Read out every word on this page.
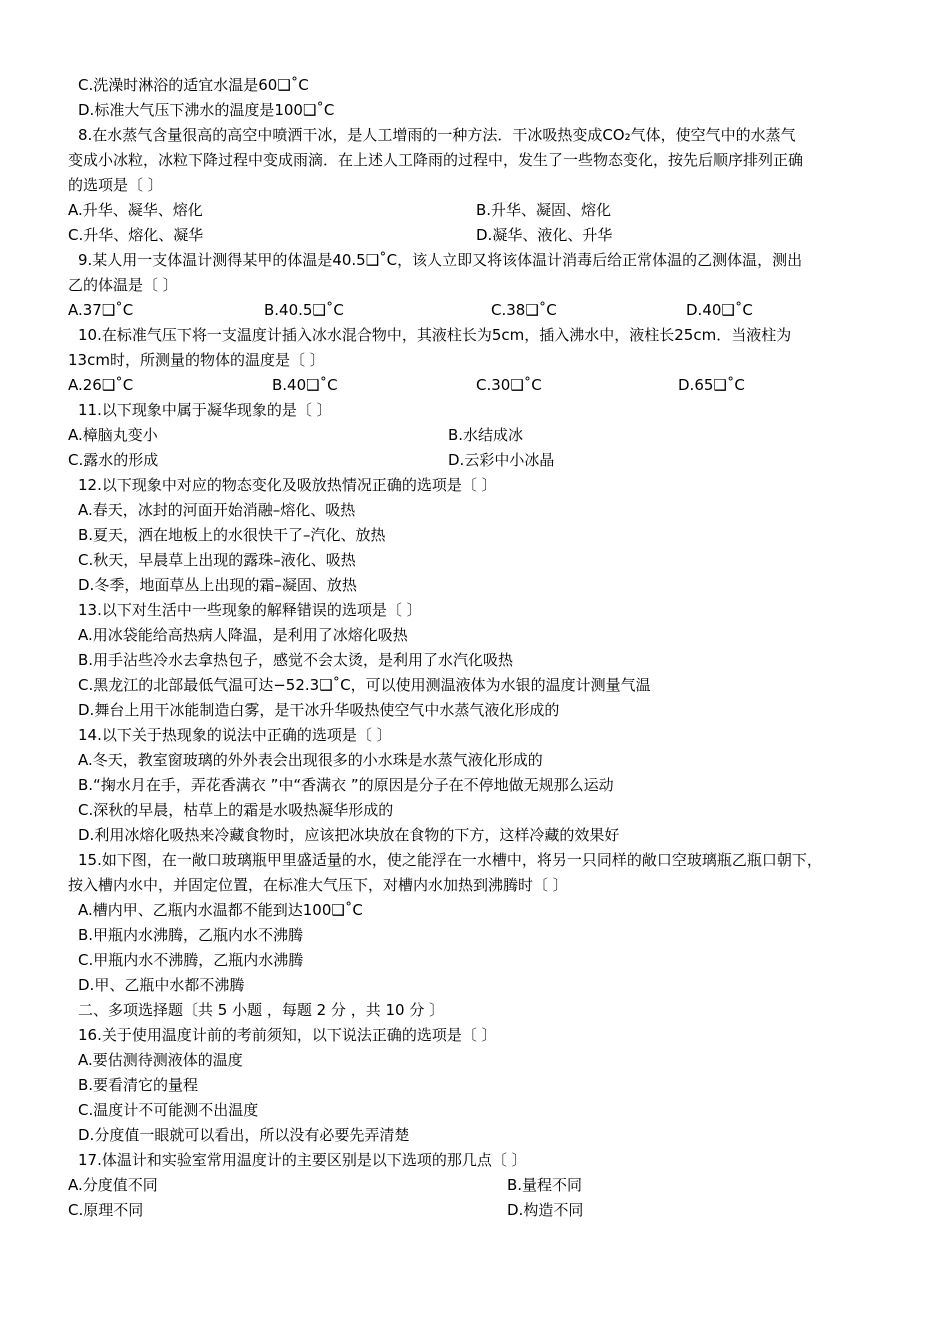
C.洗澡时淋浴的适宜水温是60❑˚C
D.标准大气压下沸水的温度是100❑˚C
8.在水蒸气含量很高的高空中喷洒干冰，是人工增雨的一种方法．干冰吸热变成CO₂气体，使空气中的水蒸气
变成小冰粒，冰粒下降过程中变成雨滴．在上述人工降雨的过程中，发生了一些物态变化，按先后顺序排列正确
的选项是〔 〕
A.升华、凝华、熔化	B.升华、凝固、熔化
C.升华、熔化、凝华	D.凝华、液化、升华
9.某人用一支体温计测得某甲的体温是40.5❑˚C，该人立即又将该体温计消毒后给正常体温的乙测体温，测出
乙的体温是〔 〕
A.37❑˚C	B.40.5❑˚C	C.38❑˚C	D.40❑˚C
10.在标准气压下将一支温度计插入冰水混合物中，其液柱长为5cm，插入沸水中，液柱长25cm．当液柱为
13cm时，所测量的物体的温度是〔 〕
A.26❑˚C	B.40❑˚C	C.30❑˚C	D.65❑˚C
11.以下现象中属于凝华现象的是〔 〕
A.樟脑丸变小	B.水结成冰
C.露水的形成	D.云彩中小冰晶
12.以下现象中对应的物态变化及吸放热情况正确的选项是〔 〕
A.春天，冰封的河面开始消融–熔化、吸热
B.夏天，洒在地板上的水很快干了–汽化、放热
C.秋天，早晨草上出现的露珠–液化、吸热
D.冬季，地面草丛上出现的霜–凝固、放热
13.以下对生活中一些现象的解释错误的选项是〔 〕
A.用冰袋能给高热病人降温，是利用了冰熔化吸热
B.用手沾些冷水去拿热包子，感觉不会太烫，是利用了水汽化吸热
C.黑龙江的北部最低气温可达−52.3❑˚C，可以使用测温液体为水银的温度计测量气温
D.舞台上用干冰能制造白雾，是干冰升华吸热使空气中水蒸气液化形成的
14.以下关于热现象的说法中正确的选项是〔 〕
A.冬天，教室窗玻璃的外外表会出现很多的小水珠是水蒸气液化形成的
B.“掬水月在手，弄花香满衣 ”中“香满衣 ”的原因是分子在不停地做无规那么运动
C.深秋的早晨，枯草上的霜是水吸热凝华形成的
D.利用冰熔化吸热来冷藏食物时，应该把冰块放在食物的下方，这样冷藏的效果好
15.如下图，在一敞口玻璃瓶甲里盛适量的水，使之能浮在一水槽中，将另一只同样的敞口空玻璃瓶乙瓶口朝下，
按入槽内水中，并固定位置，在标准大气压下，对槽内水加热到沸腾时〔 〕
A.槽内甲、乙瓶内水温都不能到达100❑˚C
B.甲瓶内水沸腾，乙瓶内水不沸腾
C.甲瓶内水不沸腾，乙瓶内水沸腾
D.甲、乙瓶中水都不沸腾
二、多项选择题〔共 5 小题 ，每题 2 分 ，共 10 分 〕
16.关于使用温度计前的考前须知，以下说法正确的选项是〔 〕
A.要估测待测液体的温度
B.要看清它的量程
C.温度计不可能测不出温度
D.分度值一眼就可以看出，所以没有必要先弄清楚
17.体温计和实验室常用温度计的主要区别是以下选项的那几点〔 〕
A.分度值不同	B.量程不同
C.原理不同	D.构造不同
